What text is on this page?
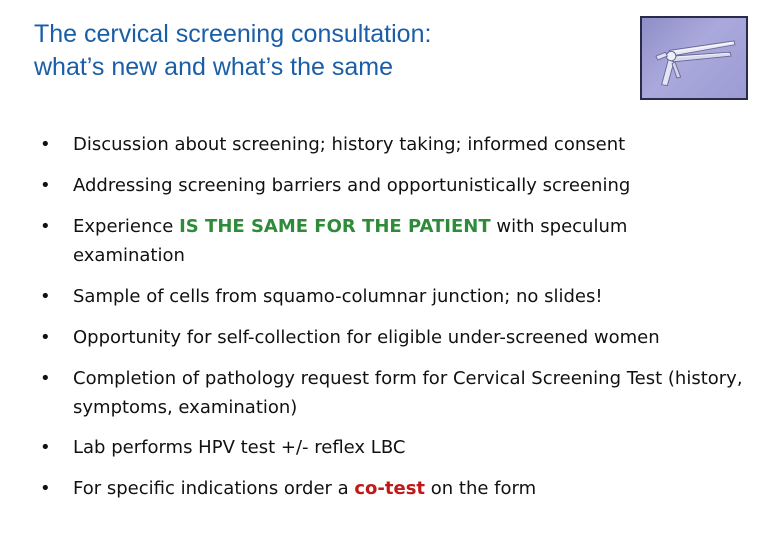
The cervical screening consultation:
what’s new and what’s the same
• Discussion about screening; history taking; informed consent
• Addressing screening barriers and opportunistically screening
• Experience IS THE SAME FOR THE PATIENT with speculum examination
• Sample of cells from squamo-columnar junction; no slides!
• Opportunity for self-collection for eligible under-screened women
• Completion of pathology request form for Cervical Screening Test (history, symptoms, examination)
• Lab performs HPV test +/- reflex LBC
• For specific indications order a co-test on the form
